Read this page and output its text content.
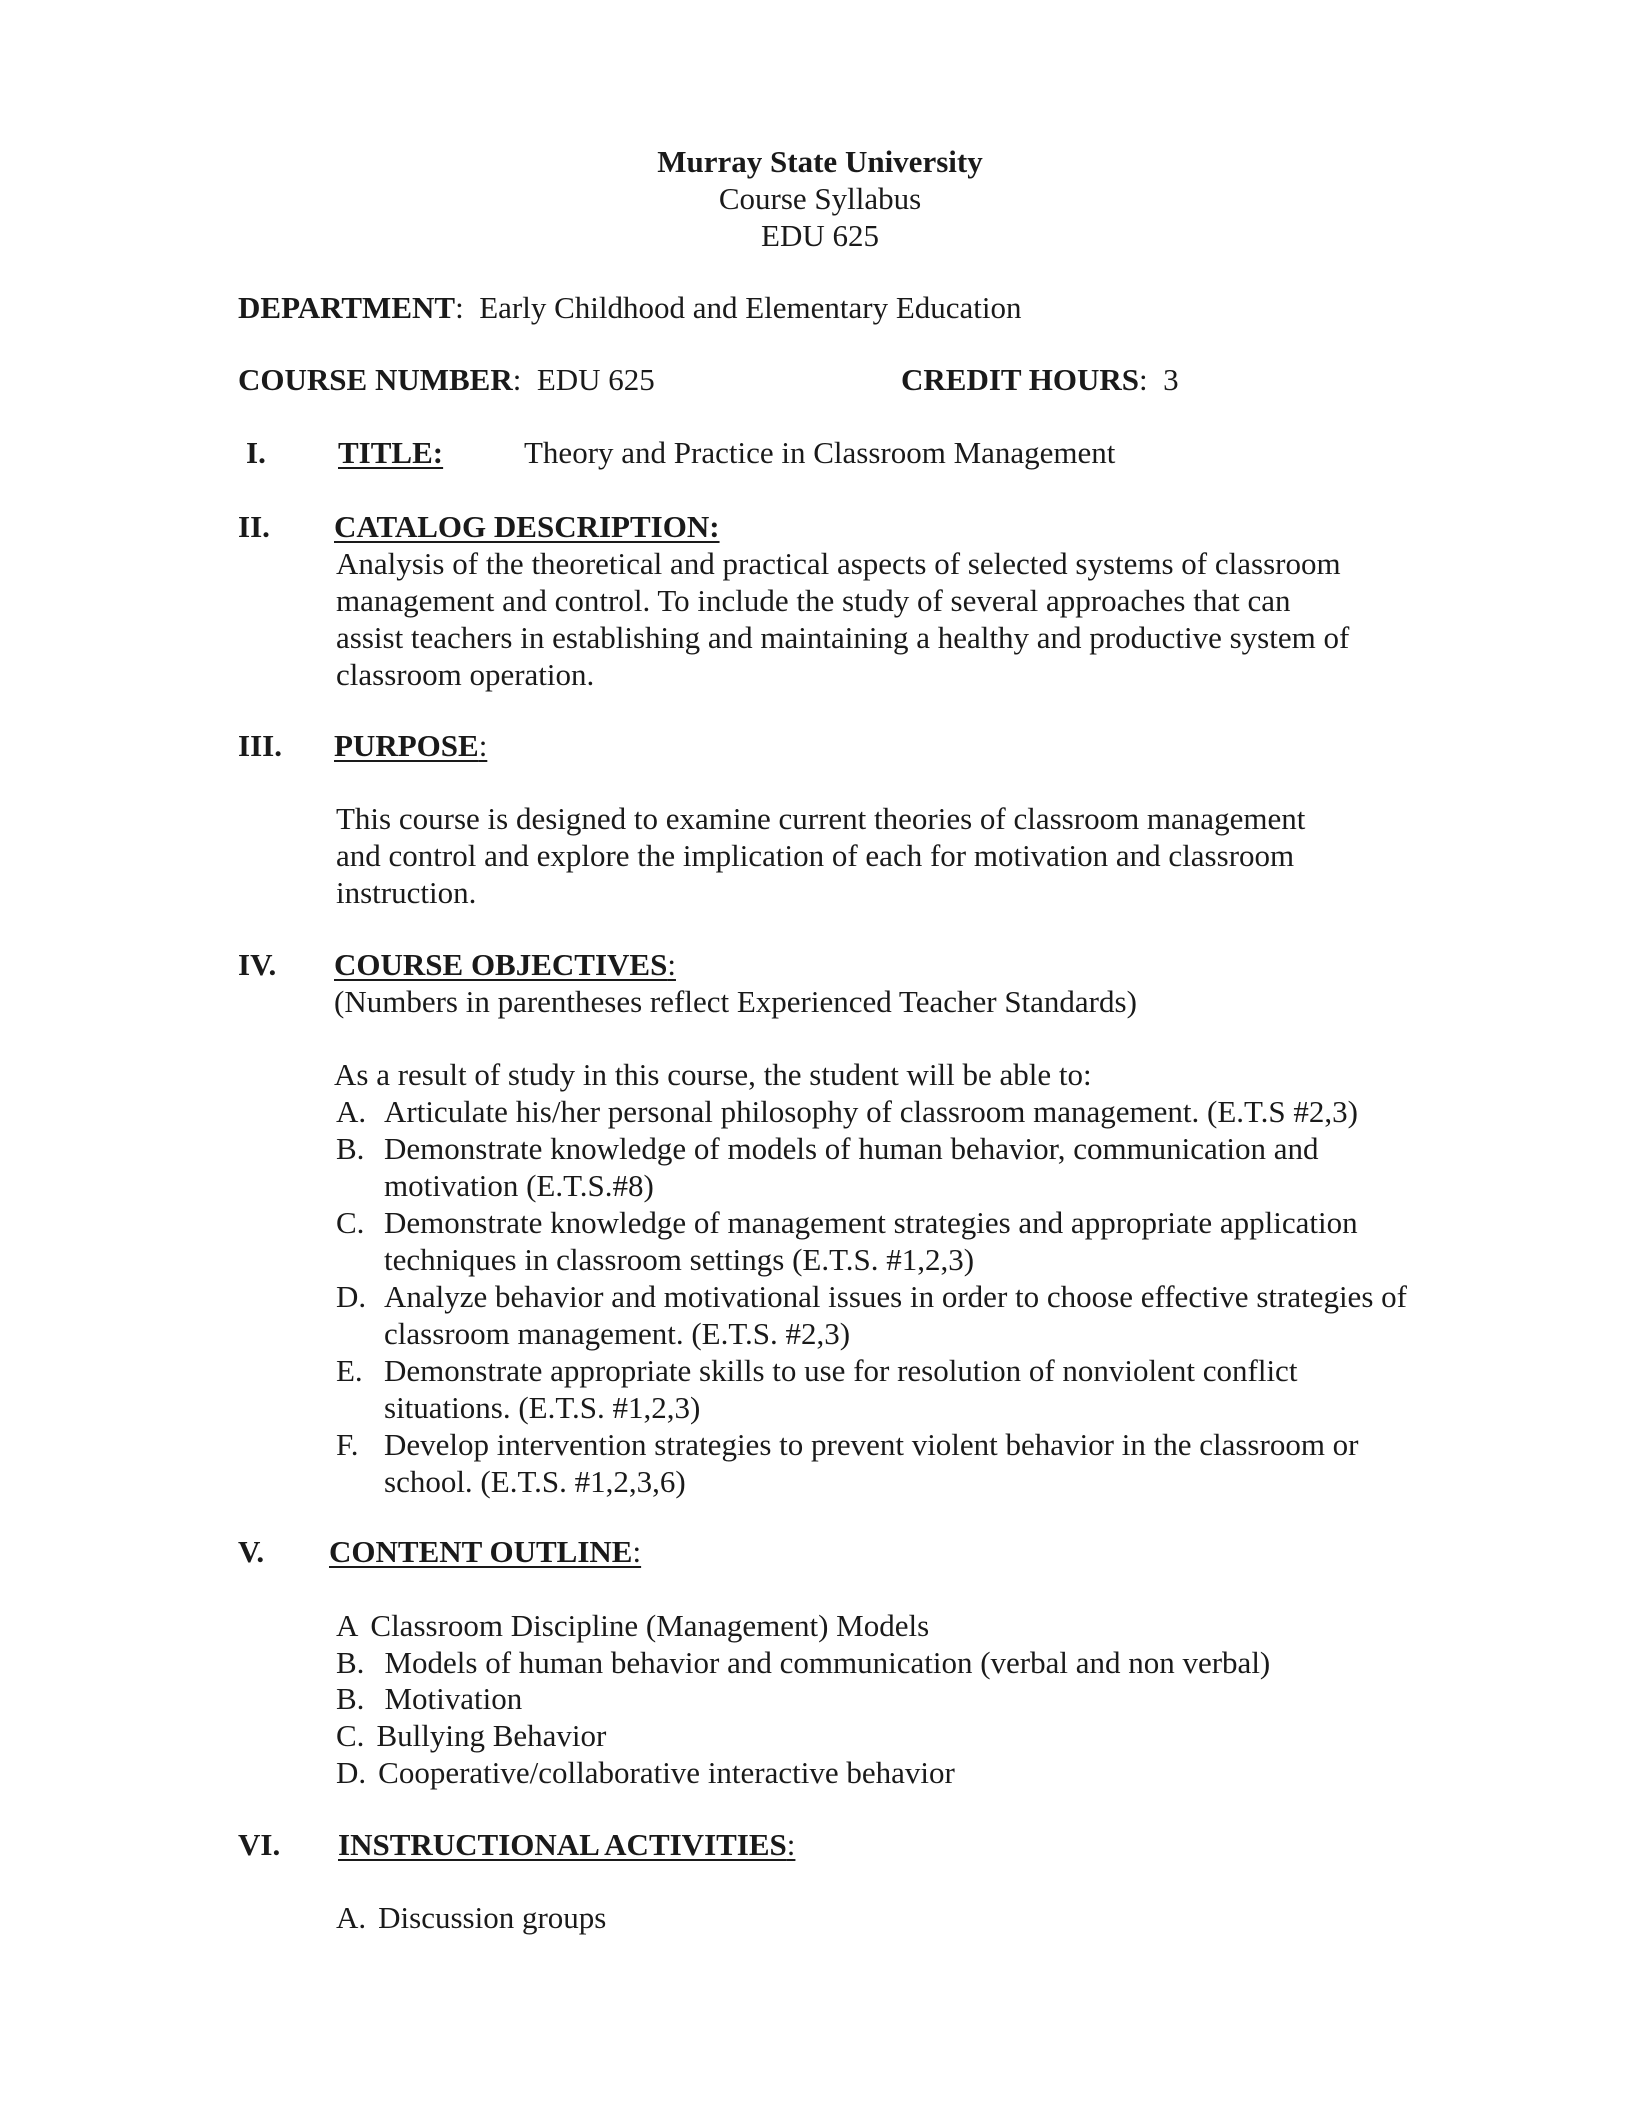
Murray State University
Course Syllabus
EDU 625
DEPARTMENT:  Early Childhood and Elementary Education
COURSE NUMBER:  EDU 625	CREDIT HOURS:  3
I. TITLE:	Theory and Practice in Classroom Management
II. CATALOG DESCRIPTION:
Analysis of the theoretical and practical aspects of selected systems of classroom
management and control. To include the study of several approaches that can
assist teachers in establishing and maintaining a healthy and productive system of
classroom operation.
III. PURPOSE:
This course is designed to examine current theories of classroom management
and control and explore the implication of each for motivation and classroom
instruction.
IV. COURSE OBJECTIVES:
(Numbers in parentheses reflect Experienced Teacher Standards)
As a result of study in this course, the student will be able to:
A. Articulate his/her personal philosophy of classroom management. (E.T.S #2,3)
B. Demonstrate knowledge of models of human behavior, communication and motivation (E.T.S.#8)
C. Demonstrate knowledge of management strategies and appropriate application techniques in classroom settings (E.T.S. #1,2,3)
D. Analyze behavior and motivational issues in order to choose effective strategies of classroom management. (E.T.S. #2,3)
E. Demonstrate appropriate skills to use for resolution of nonviolent conflict situations. (E.T.S. #1,2,3)
F. Develop intervention strategies to prevent violent behavior in the classroom or school. (E.T.S. #1,2,3,6)
V. CONTENT OUTLINE:
A Classroom Discipline (Management) Models
B. Models of human behavior and communication (verbal and non verbal)
B. Motivation
C. Bullying Behavior
D. Cooperative/collaborative interactive behavior
VI. INSTRUCTIONAL ACTIVITIES:
A. Discussion groups
